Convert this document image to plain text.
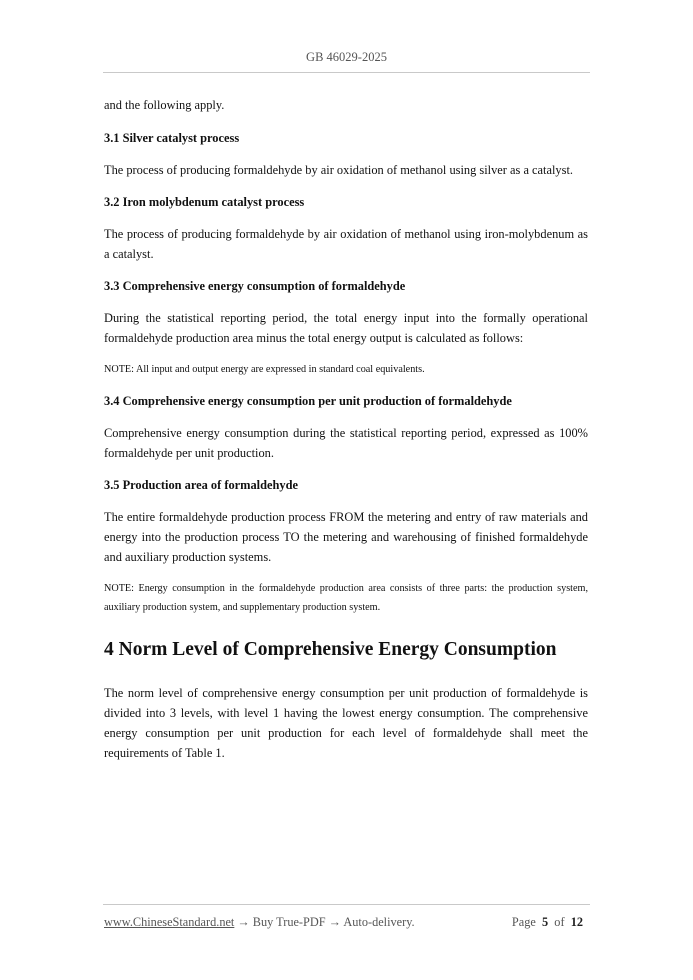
GB 46029-2025

and the following apply.

3.1 Silver catalyst process

The process of producing formaldehyde by air oxidation of methanol using silver as a catalyst.

3.2 Iron molybdenum catalyst process

The process of producing formaldehyde by air oxidation of methanol using iron-molybdenum as a catalyst.

3.3 Comprehensive energy consumption of formaldehyde

During the statistical reporting period, the total energy input into the formally operational formaldehyde production area minus the total energy output is calculated as follows:

NOTE: All input and output energy are expressed in standard coal equivalents.

3.4 Comprehensive energy consumption per unit production of formaldehyde

Comprehensive energy consumption during the statistical reporting period, expressed as 100% formaldehyde per unit production.

3.5 Production area of formaldehyde

The entire formaldehyde production process FROM the metering and entry of raw materials and energy into the production process TO the metering and warehousing of finished formaldehyde and auxiliary production systems.

NOTE: Energy consumption in the formaldehyde production area consists of three parts: the production system, auxiliary production system, and supplementary production system.

4 Norm Level of Comprehensive Energy Consumption

The norm level of comprehensive energy consumption per unit production of formaldehyde is divided into 3 levels, with level 1 having the lowest energy consumption. The comprehensive energy consumption per unit production for each level of formaldehyde shall meet the requirements of Table 1.

www.ChineseStandard.net → Buy True-PDF → Auto-delivery.	Page 5 of 12
